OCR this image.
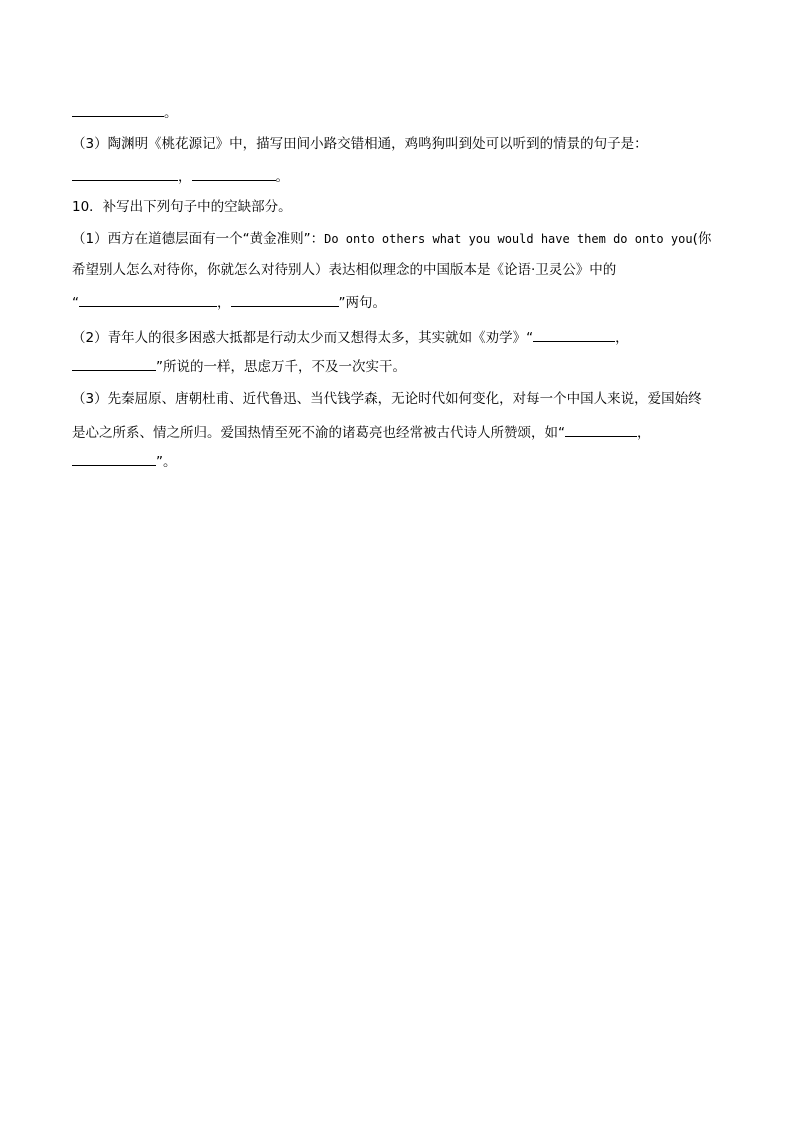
。
（3）陶渊明《桃花源记》中，描写田间小路交错相通，鸡鸣狗叫到处可以听到的情景的句子是：
，	。
10．补写出下列句子中的空缺部分。
（1）西方在道德层面有一个“黄金准则”：Do onto others what you would have them do onto you(你
希望别人怎么对待你，你就怎么对待别人）表达相似理念的中国版本是《论语·卫灵公》中的
“	，	”两句。
（2）青年人的很多困惑大抵都是行动太少而又想得太多，其实就如《劝学》“	，
”所说的一样，思虑万千，不及一次实干。
（3）先秦屈原、唐朝杜甫、近代鲁迅、当代钱学森，无论时代如何变化，对每一个中国人来说，爱国始终
是心之所系、情之所归。爱国热情至死不渝的诸葛亮也经常被古代诗人所赞颂，如“	，
”。
